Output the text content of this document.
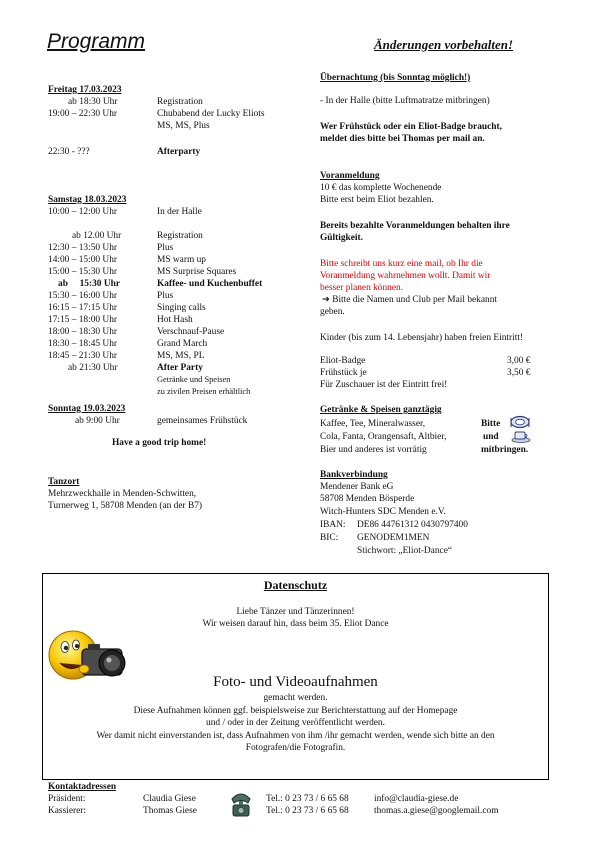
Programm	Änderungen vorbehalten!
Freitag 17.03.2023
ab 18:30 Uhr	Registration
19:00 – 22:30 Uhr	Chubabend der Lucky Eliots
MS, MS, Plus
22:30 - ???	Afterparty
Samstag 18.03.2023
10:00 – 12:00 Uhr	In der Halle
ab 12.00 Uhr	Registration
12:30 – 13:50 Uhr	Plus
14:00 – 15:00 Uhr	MS warm up
15:00 – 15:30 Uhr	MS Surprise Squares
ab     15:30 Uhr	Kaffee- und Kuchenbuffet
15:30 – 16:00 Uhr	Plus
16:15 – 17:15 Uhr	Singing calls
17:15 – 18:00 Uhr	Hot Hash
18:00 – 18:30 Uhr	Verschnauf-Pause
18:30 – 18:45 Uhr	Grand March
18:45 – 21:30 Uhr	MS, MS, PL
ab 21:30 Uhr	After Party
Getränke und Speisen
zu zivilen Preisen erhältlich
Sonntag 19.03.2023
ab 9:00 Uhr	gemeinsames Frühstück
Have a good trip home!
Tanzort
Mehrzweckhalle in Menden-Schwitten,
Turnerweg 1, 58708 Menden (an der B7)
Übernachtung (bis Sonntag möglich!)
- In der Halle (bitte Luftmatratze mitbringen)
Wer Frühstück oder ein Eliot-Badge braucht,
meldet dies bitte bei Thomas per mail an.
Voranmeldung
10 € das komplette Wochenende
Bitte erst beim Eliot bezahlen.
Bereits bezahlte Voranmeldungen behalten ihre
Gültigkeit.
Bitte schreibt uns kurz eine mail, ob Ihr die
Voranmeldung wahrnehmen wollt. Damit wir
besser planen können.
➔ Bitte die Namen und Club per Mail bekannt
geben.
Kinder (bis zum 14. Lebensjahr) haben freien Eintritt!
Eliot-Badge	3,00 €
Frühstück je	3,50 €
Für Zuschauer ist der Eintritt frei!
Getränke & Speisen ganztägig
Kaffee, Tee, Mineralwasser,
Cola, Fanta, Orangensaft, Altbier,
Bier und anderes ist vorrätig
Bitte
und
mitbringen.
Bankverbindung
Mendener Bank eG
58708 Menden Bösperde
Witch-Hunters SDC Menden e.V.
IBAN: DE86 44761312 0430797400
BIC: GENODEM1MEN
Stichwort: „Eliot-Dance“
Datenschutz
Liebe Tänzer und Tänzerinnen!
Wir weisen darauf hin, dass beim 35. Eliot Dance
Foto- und Videoaufnahmen
gemacht werden.
Diese Aufnahmen können ggf. beispielsweise zur Berichterstattung auf der Homepage
und / oder in der Zeitung veröffentlicht werden.
Wer damit nicht einverstanden ist, dass Aufnahmen von ihm /ihr gemacht werden, wende sich bitte an den
Fotografen/die Fotografin.
Kontaktadressen
Präsident:	Claudia Giese	Tel.: 0 23 73 / 6 65 68	info@claudia-giese.de
Kassierer:	Thomas Giese	Tel.: 0 23 73 / 6 65 68	thomas.a.giese@googlemail.com
